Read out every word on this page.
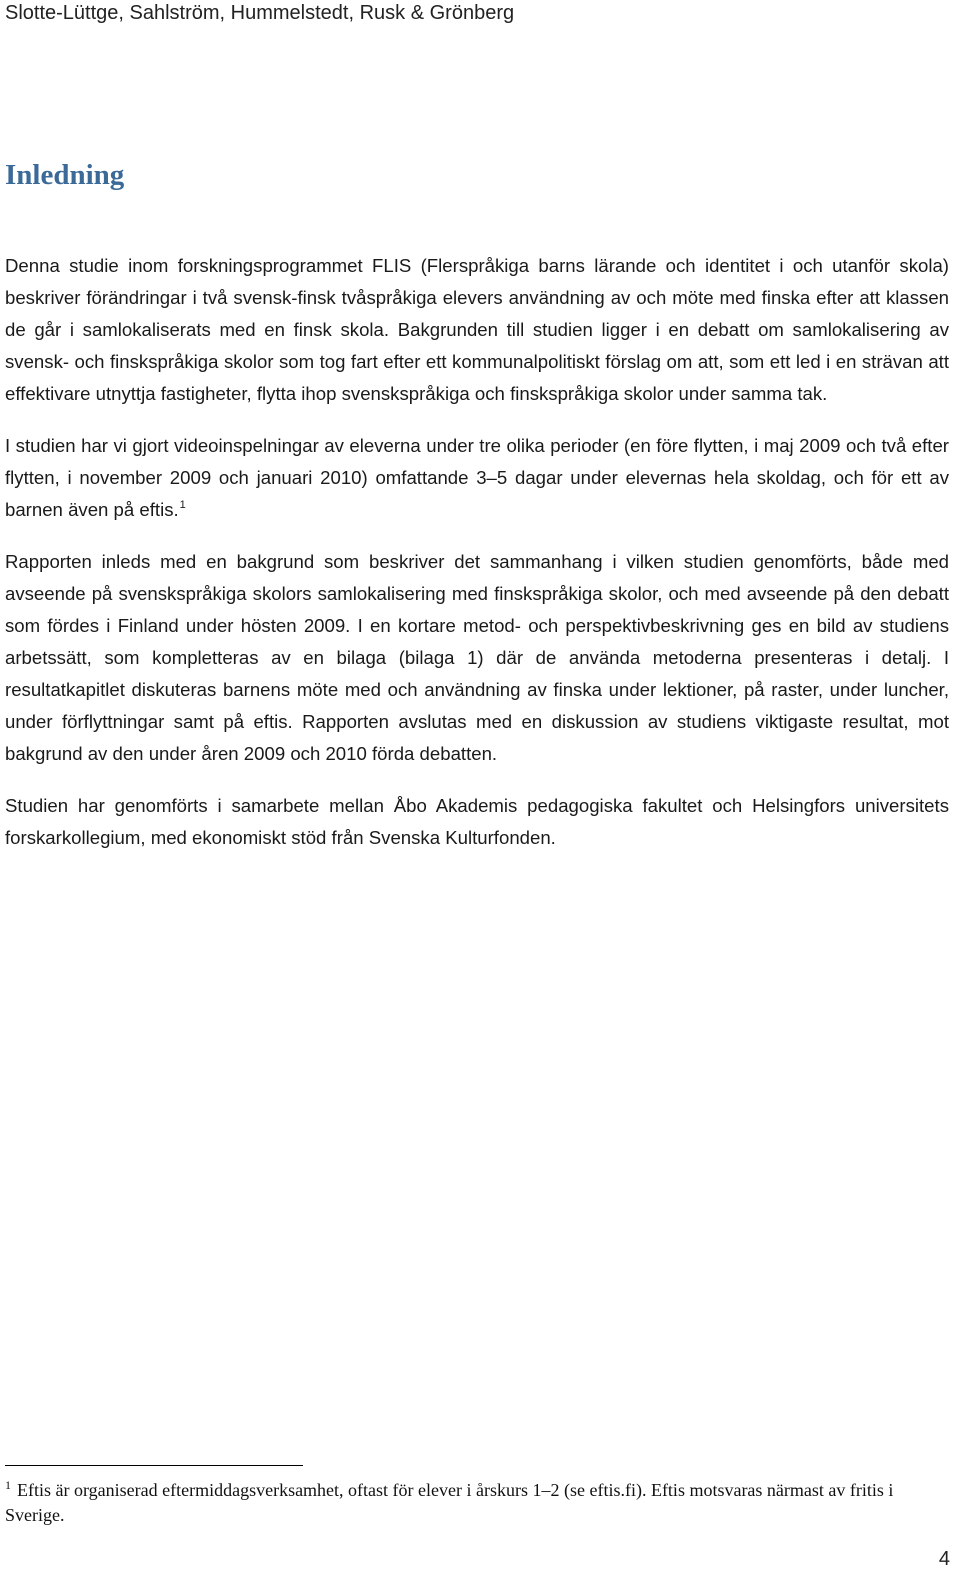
Slotte-Lüttge, Sahlström, Hummelstedt, Rusk & Grönberg
Inledning

Denna studie inom forskningsprogrammet FLIS (Flerspråkiga barns lärande och identitet i och utanför skola) beskriver förändringar i två svensk-finsk tvåspråkiga elevers användning av och möte med finska efter att klassen de går i samlokaliserats med en finsk skola. Bakgrunden till studien ligger i en debatt om samlokalisering av svensk- och finskspråkiga skolor som tog fart efter ett kommunalpolitiskt förslag om att, som ett led i en strävan att effektivare utnyttja fastigheter, flytta ihop svenskspråkiga och finskspråkiga skolor under samma tak.

I studien har vi gjort videoinspelningar av eleverna under tre olika perioder (en före flytten, i maj 2009 och två efter flytten, i november 2009 och januari 2010) omfattande 3–5 dagar under elevernas hela skoldag, och för ett av barnen även på eftis.$^1$

Rapporten inleds med en bakgrund som beskriver det sammanhang i vilken studien genomförts, både med avseende på svenskspråkiga skolors samlokalisering med finskspråkiga skolor, och med avseende på den debatt som fördes i Finland under hösten 2009. I en kortare metod- och perspektivbeskrivning ges en bild av studiens arbetssätt, som kompletteras av en bilaga (bilaga 1) där de använda metoderna presenteras i detalj. I resultatkapitlet diskuteras barnens möte med och användning av finska under lektioner, på raster, under luncher, under förflyttningar samt på eftis. Rapporten avslutas med en diskussion av studiens viktigaste resultat, mot bakgrund av den under åren 2009 och 2010 förda debatten.

Studien har genomförts i samarbete mellan Åbo Akademis pedagogiska fakultet och Helsingfors universitets forskarkollegium, med ekonomiskt stöd från Svenska Kulturfonden.

$^1$ Eftis är organiserad eftermiddagsverksamhet, oftast för elever i årskurs 1–2 (se eftis.fi). Eftis motsvaras närmast av fritis i Sverige.

4
